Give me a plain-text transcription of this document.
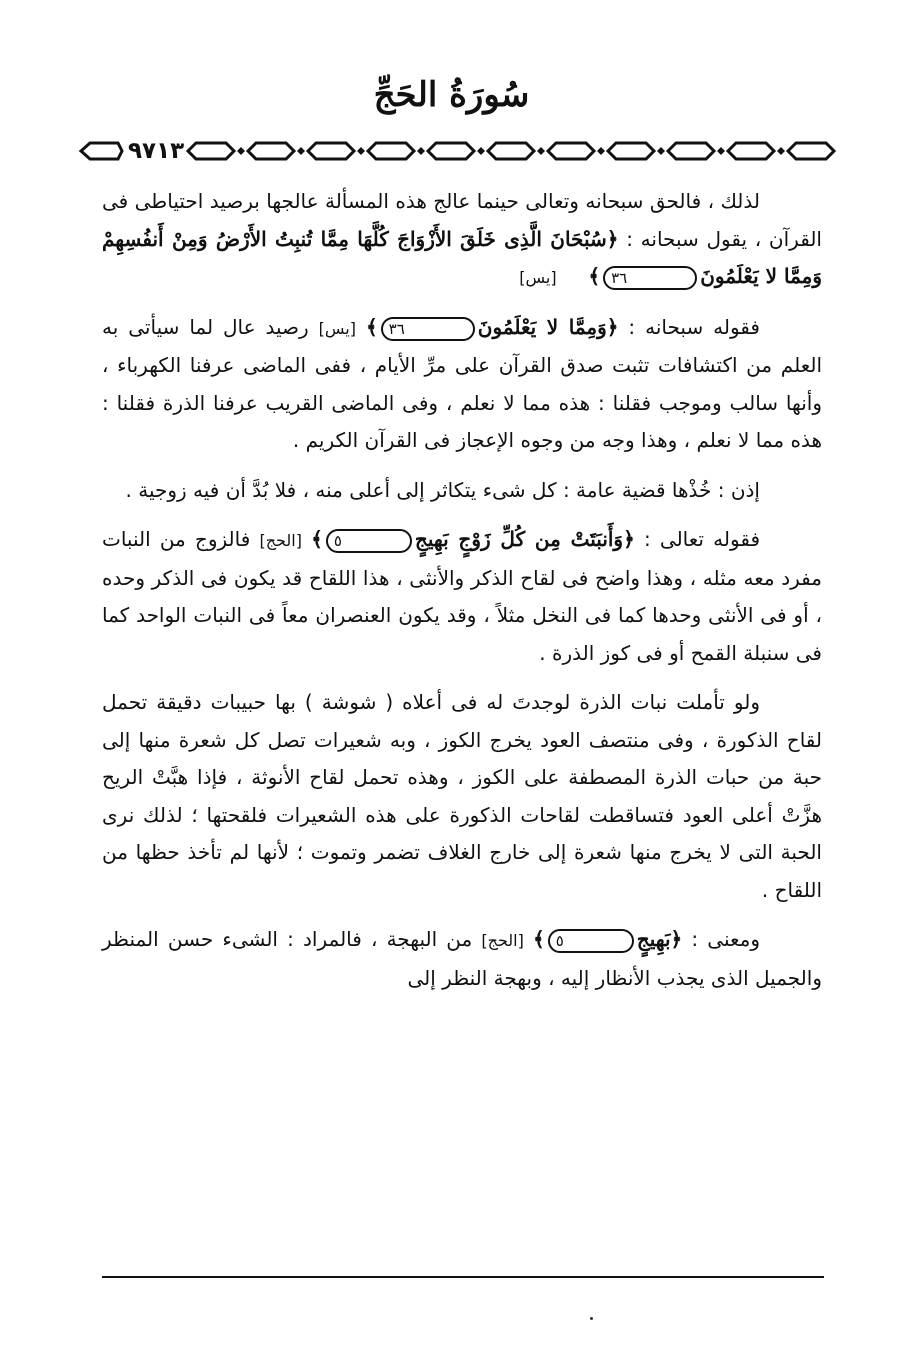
سُورَةُ الحَجِّ
٩٧١٣

لذلك ، فالحق سبحانه وتعالى حينما عالج هذه المسألة عالجها برصيد احتياطى فى القرآن ، يقول سبحانه : ﴿سُبْحَانَ الَّذِى خَلَقَ الأَزْوَاجَ كُلَّهَا مِمَّا تُنبِتُ الأَرْضُ وَمِنْ أَنفُسِهِمْ وَمِمَّا لا يَعْلَمُونَ٣٦﴾     [يس]

فقوله سبحانه : ﴿وَمِمَّا لا يَعْلَمُونَ٣٦﴾ [يس] رصيد عال لما سيأتى به العلم من اكتشافات تثبت صدق القرآن على مرِّ الأيام ، ففى الماضى عرفنا الكهرباء ، وأنها سالب وموجب فقلنا : هذه مما لا نعلم ، وفى الماضى القريب عرفنا الذرة فقلنا : هذه مما لا نعلم ، وهذا وجه من وجوه الإعجاز فى القرآن الكريم .

إذن : خُذْها قضية عامة : كل شىء يتكاثر إلى أعلى منه ، فلا بُدَّ أن فيه زوجية .

فقوله تعالى : ﴿وَأَنبَتَتْ مِن كُلِّ زَوْجٍ بَهِيجٍ٥﴾ [الحج] فالزوج من النبات مفرد معه مثله ، وهذا واضح فى لقاح الذكر والأنثى ، هذا اللقاح قد يكون فى الذكر وحده ، أو فى الأنثى وحدها كما فى النخل مثلاً ، وقد يكون العنصران معاً فى النبات الواحد كما فى سنبلة القمح أو فى كوز الذرة .

ولو تأملت نبات الذرة لوجدتَ له فى أعلاه ( شوشة ) بها حبيبات دقيقة تحمل لقاح الذكورة ، وفى منتصف العود يخرج الكوز ، وبه شعيرات تصل كل شعرة منها إلى حبة من حبات الذرة المصطفة على الكوز ، وهذه تحمل لقاح الأنوثة ، فإذا هبَّتْ الريح هزَّتْ أعلى العود فتساقطت لقاحات الذكورة على هذه الشعيرات فلقحتها ؛ لذلك نرى الحبة التى لا يخرج منها شعرة إلى خارج الغلاف تضمر وتموت ؛ لأنها لم تأخذ حظها من اللقاح .

ومعنى : ﴿بَهِيجٍ٥﴾ [الحج] من البهجة ، فالمراد : الشىء حسن المنظر والجميل الذى يجذب الأنظار إليه ، وبهجة النظر إلى
